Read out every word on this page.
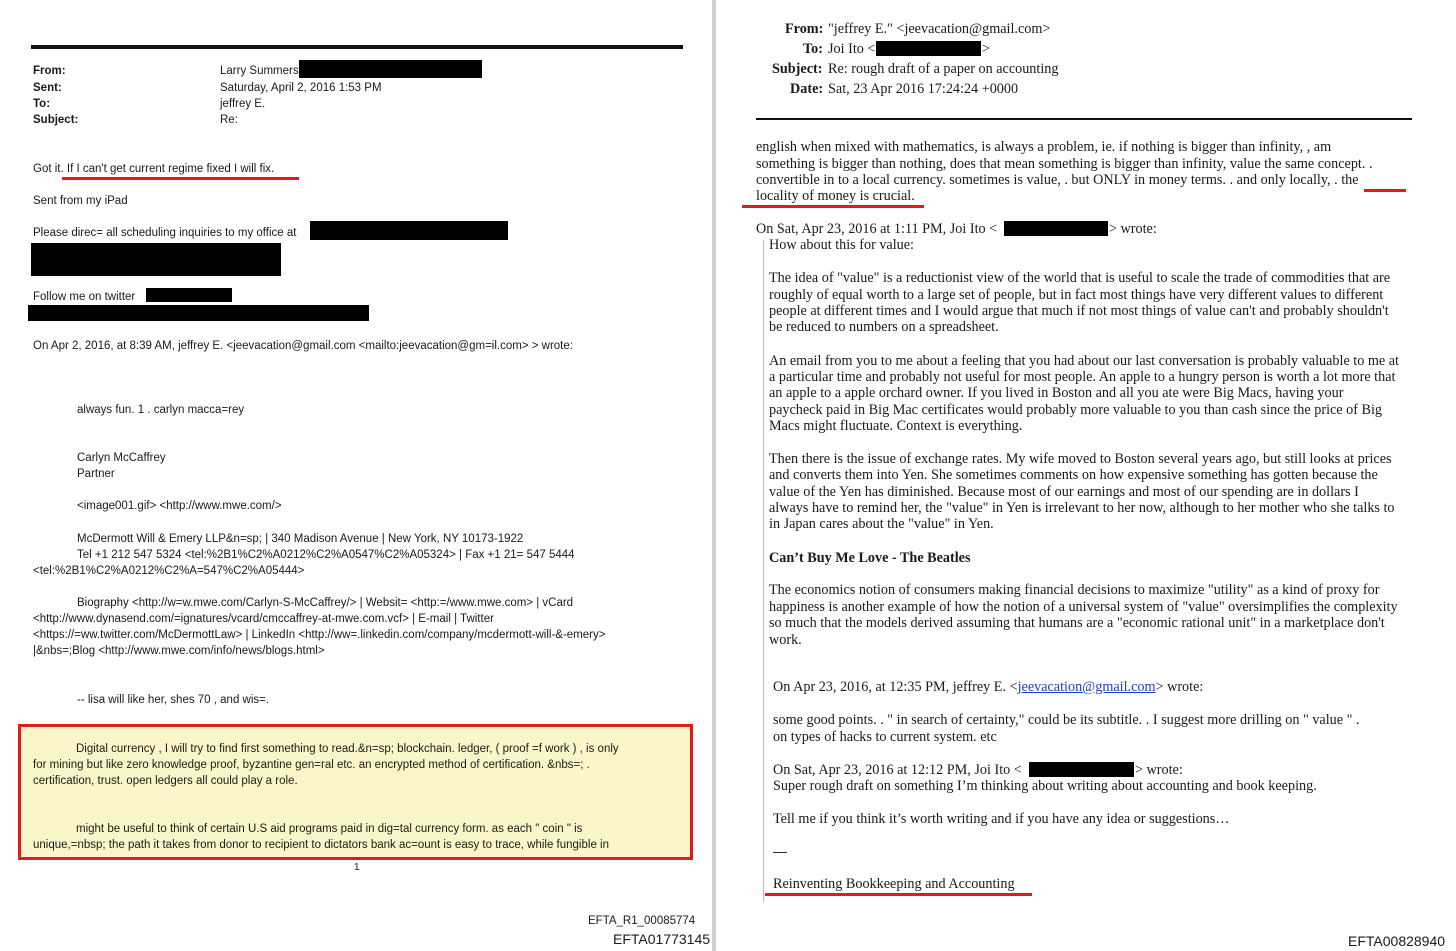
From:	Larry Summers
Sent:	Saturday, April 2, 2016 1:53 PM
To:	jeffrey E.
Subject:	Re:
Got it. If I can't get current regime fixed I will fix.
Sent from my iPad
Please direc= all scheduling inquiries to my office at
Follow me on twitter
On Apr 2, 2016, at 8:39 AM, jeffrey E. <jeevacation@gmail.com <mailto:jeevacation@gm=il.com> > wrote:
always fun. 1 . carlyn macca=rey
Carlyn McCaffrey
Partner
<image001.gif> <http://www.mwe.com/>
McDermott Will & Emery LLP&n=sp; | 340 Madison Avenue | New York, NY 10173-1922
Tel +1 212 547 5324 <tel:%2B1%C2%A0212%C2%A0547%C2%A05324> | Fax +1 21= 547 5444
<tel:%2B1%C2%A0212%C2%A=547%C2%A05444>
Biography <http://w=w.mwe.com/Carlyn-S-McCaffrey/> | Websit= <http:=/www.mwe.com> | vCard
<http://www.dynasend.com/=ignatures/vcard/cmccaffrey-at-mwe.com.vcf> | E-mail | Twitter
<https://=ww.twitter.com/McDermottLaw> | LinkedIn <http://ww=.linkedin.com/company/mcdermott-will-&-emery>
|&nbs=;Blog <http://www.mwe.com/info/news/blogs.html>
-- lisa will like her, shes 70 , and wis=.
Digital currency , I will try to find first something to read.&n=sp; blockchain. ledger, ( proof =f work ) , is only
for mining but like zero knowledge proof, byzantine gen=ral etc. an encrypted method of certification. &nbs=; .
certification, trust. open ledgers all could play a role.
might be useful to think of certain U.S aid programs paid in dig=tal currency form. as each " coin " is
unique,=nbsp; the path it takes from donor to recipient to dictators bank ac=ount is easy to trace, while fungible in
1
EFTA_R1_00085774
EFTA01773145
From: "jeffrey E." <jeevacation@gmail.com>
To: Joi Ito <	>
Subject: Re: rough draft of a paper on accounting
Date: Sat, 23 Apr 2016 17:24:24 +0000
english when mixed with mathematics, is always a problem, ie. if nothing is bigger than infinity, , am
something is bigger than nothing, does that mean something is bigger than infinity, value the same concept. .
convertible in to a local currency. sometimes is value, . but ONLY in money terms. . and only locally, . the
locality of money is crucial.
On Sat, Apr 23, 2016 at 1:11 PM, Joi Ito <	> wrote:
How about this for value:
The idea of "value" is a reductionist view of the world that is useful to scale the trade of commodities that are
roughly of equal worth to a large set of people, but in fact most things have very different values to different
people at different times and I would argue that much if not most things of value can't and probably shouldn't
be reduced to numbers on a spreadsheet.
An email from you to me about a feeling that you had about our last conversation is probably valuable to me at
a particular time and probably not useful for most people. An apple to a hungry person is worth a lot more that
an apple to a apple orchard owner. If you lived in Boston and all you ate were Big Macs, having your
paycheck paid in Big Mac certificates would probably more valuable to you than cash since the price of Big
Macs might fluctuate. Context is everything.
Then there is the issue of exchange rates. My wife moved to Boston several years ago, but still looks at prices
and converts them into Yen. She sometimes comments on how expensive something has gotten because the
value of the Yen has diminished. Because most of our earnings and most of our spending are in dollars I
always have to remind her, the "value" in Yen is irrelevant to her now, although to her mother who she talks to
in Japan cares about the "value" in Yen.
Can’t Buy Me Love - The Beatles
The economics notion of consumers making financial decisions to maximize "utility" as a kind of proxy for
happiness is another example of how the notion of a universal system of "value" oversimplifies the complexity
so much that the models derived assuming that humans are a "economic rational unit" in a marketplace don't
work.
On Apr 23, 2016, at 12:35 PM, jeffrey E. <jeevacation@gmail.com> wrote:
some good points. . " in search of certainty," could be its subtitle. . I suggest more drilling on " value " .
on types of hacks to current system. etc
On Sat, Apr 23, 2016 at 12:12 PM, Joi Ito <	> wrote:
Super rough draft on something I’m thinking about writing about accounting and book keeping.
Tell me if you think it’s worth writing and if you have any idea or suggestions…
—
Reinventing Bookkeeping and Accounting
EFTA00828940
